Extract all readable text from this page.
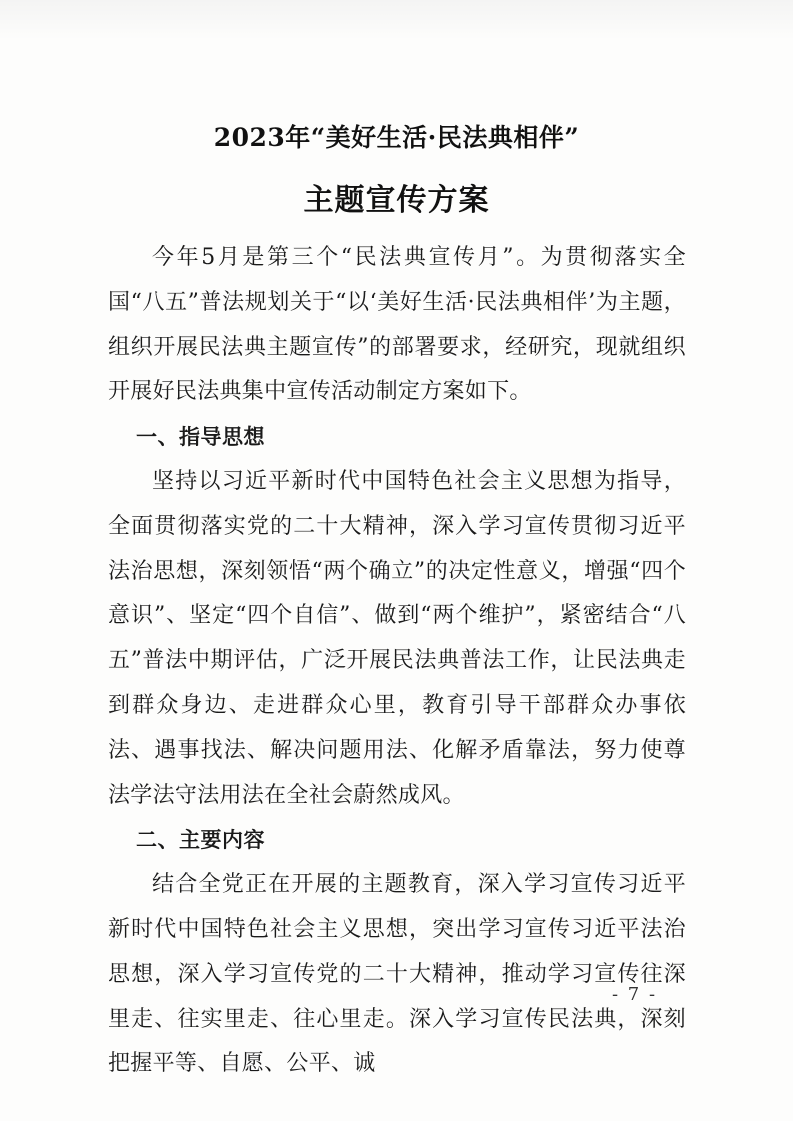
2023年“美好生活·民法典相伴”
主题宣传方案

今年5月是第三个“民法典宣传月”。为贯彻落实全国“八五”普法规划关于“以‘美好生活·民法典相伴’为主题，组织开展民法典主题宣传”的部署要求，经研究，现就组织开展好民法典集中宣传活动制定方案如下。

一、指导思想

坚持以习近平新时代中国特色社会主义思想为指导，全面贯彻落实党的二十大精神，深入学习宣传贯彻习近平法治思想，深刻领悟“两个确立”的决定性意义，增强“四个意识”、坚定“四个自信”、做到“两个维护”，紧密结合“八五”普法中期评估，广泛开展民法典普法工作，让民法典走到群众身边、走进群众心里，教育引导干部群众办事依法、遇事找法、解决问题用法、化解矛盾靠法，努力使尊法学法守法用法在全社会蔚然成风。

二、主要内容

结合全党正在开展的主题教育，深入学习宣传习近平新时代中国特色社会主义思想，突出学习宣传习近平法治思想，深入学习宣传党的二十大精神，推动学习宣传往深里走、往实里走、往心里走。深入学习宣传民法典，深刻把握平等、自愿、公平、诚

- 7 -
